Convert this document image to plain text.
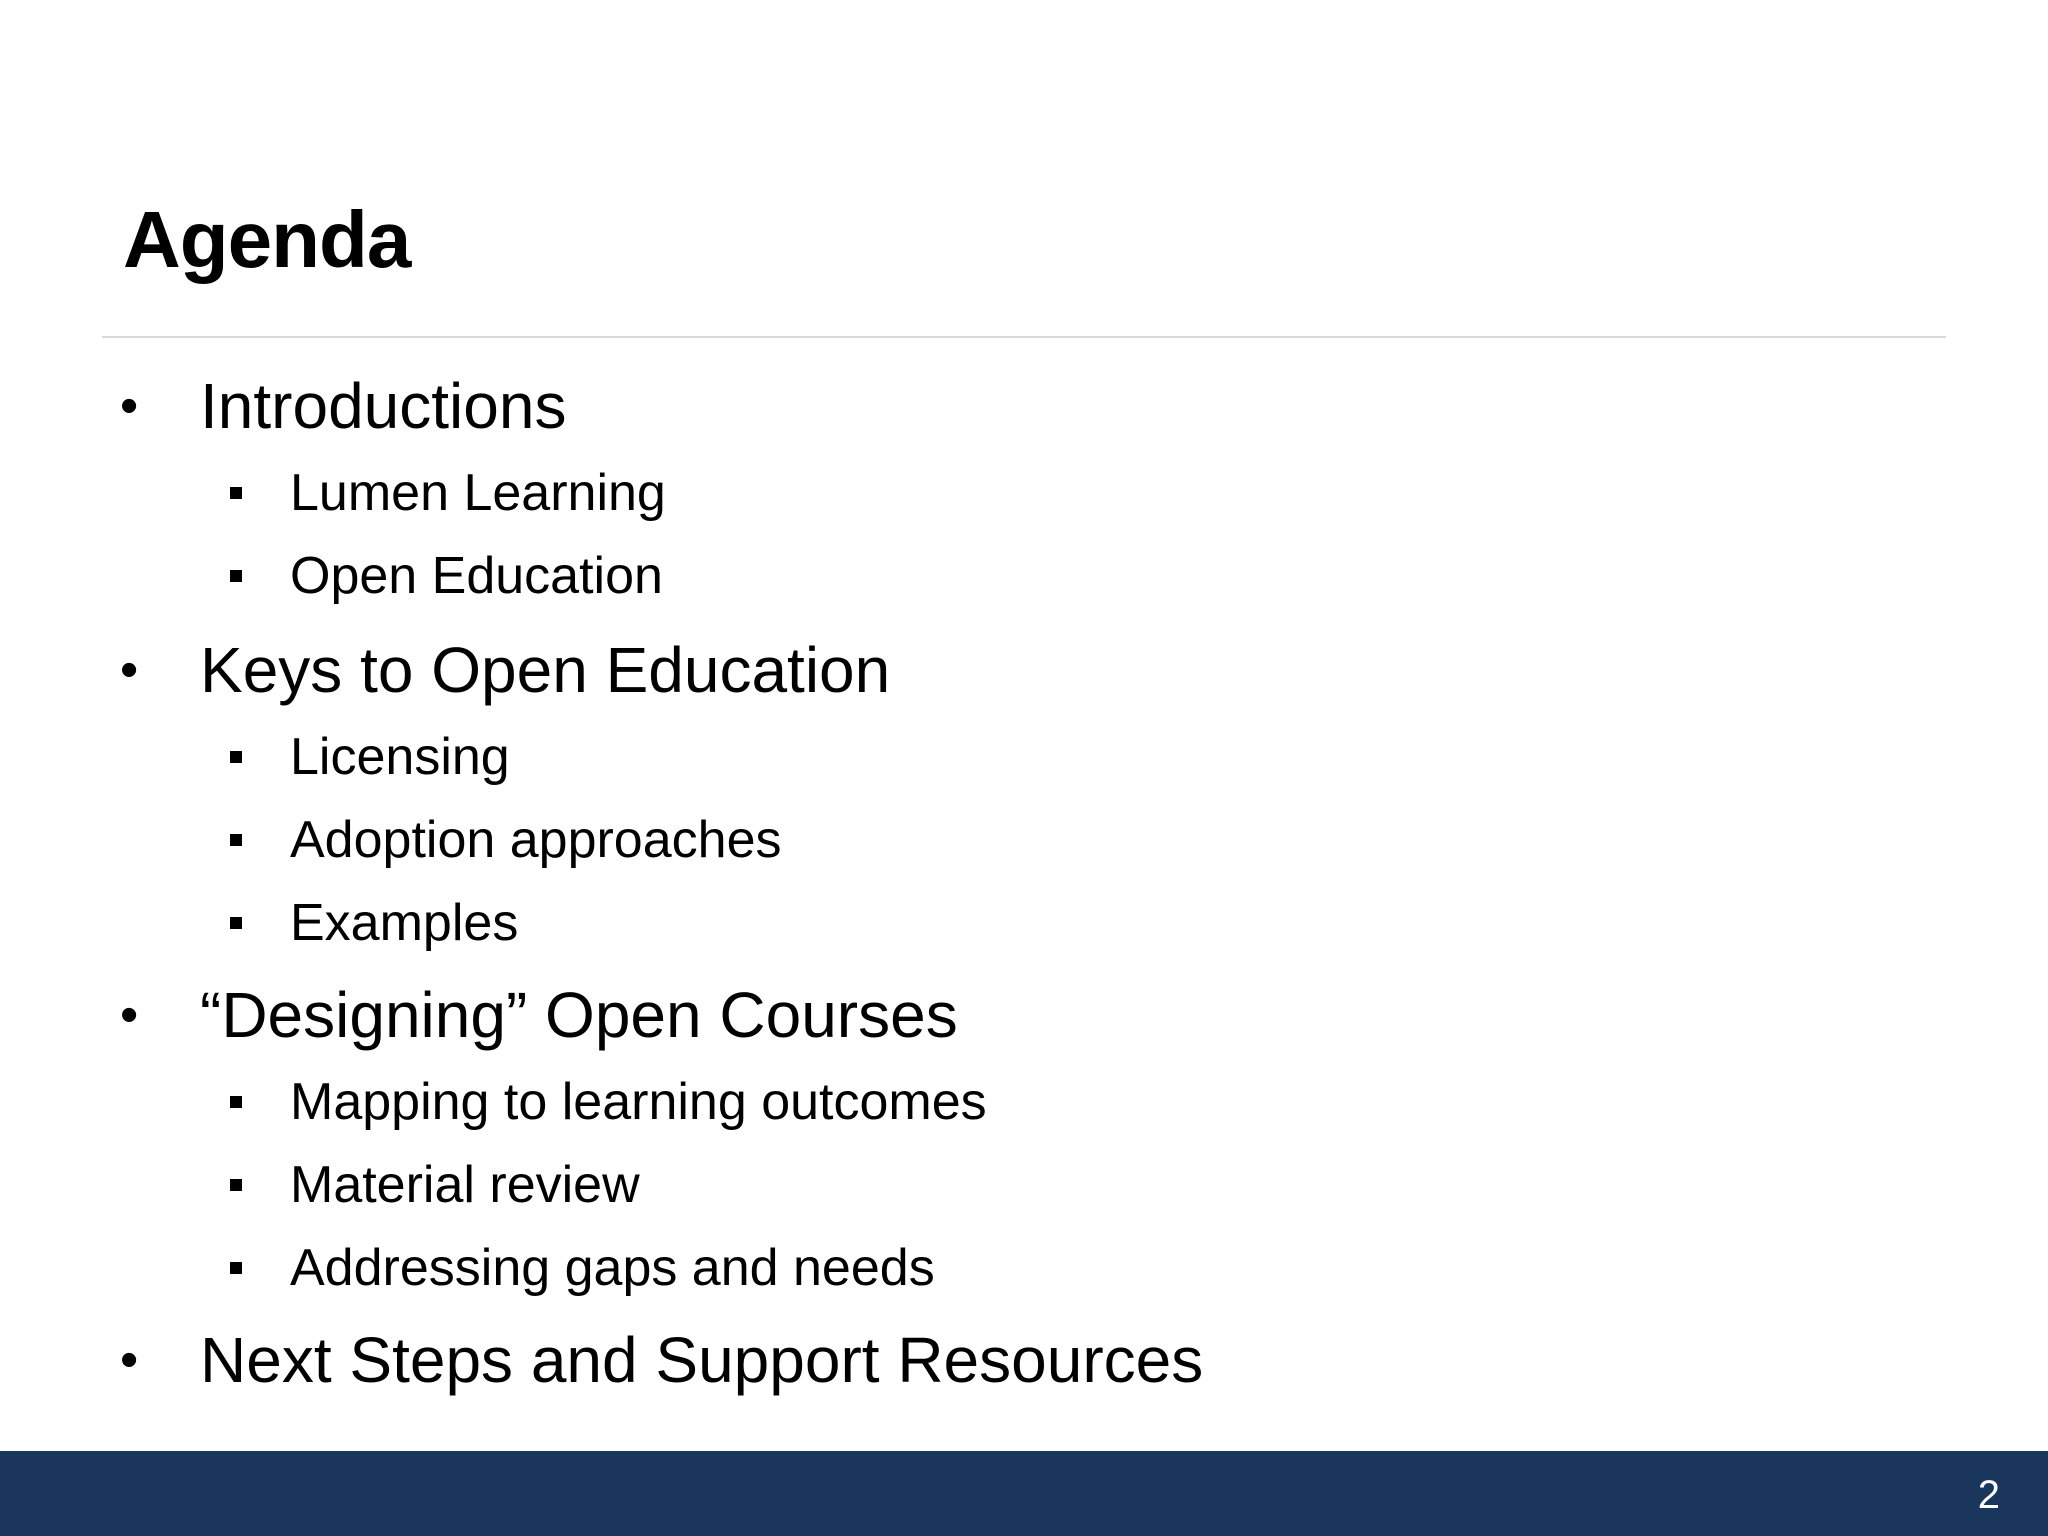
Agenda
• Introductions
Lumen Learning
Open Education
• Keys to Open Education
Licensing
Adoption approaches
Examples
• “Designing” Open Courses
Mapping to learning outcomes
Material review
Addressing gaps and needs
• Next Steps and Support Resources
2
